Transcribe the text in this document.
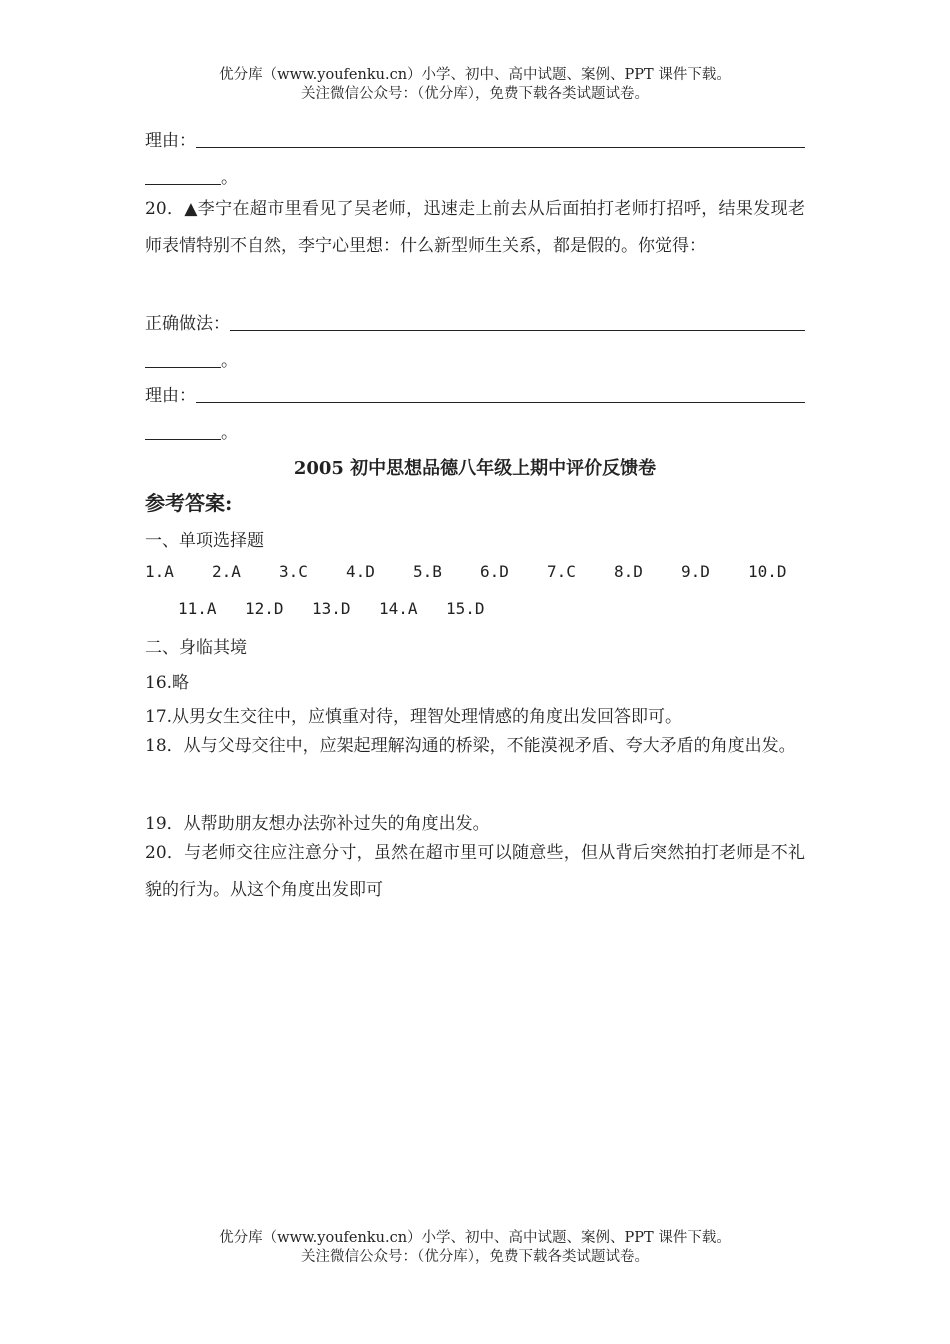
优分库（www.youfenku.cn）小学、初中、高中试题、案例、PPT 课件下载。
关注微信公众号：（优分库），免费下载各类试题试卷。
理由：
。
20．▲李宁在超市里看见了吴老师，迅速走上前去从后面拍打老师打招呼，结果发现老师表情特别不自然，李宁心里想：什么新型师生关系，都是假的。你觉得：
正确做法：
。
理由：
。
2005 初中思想品德八年级上期中评价反馈卷
参考答案:
一、单项选择题
1.A	2.A	3.C	4.D	5.B	6.D	7.C	8.D	9.D	10.D
11.A	12.D	13.D	14.A	15.D
二、身临其境
16.略
17.从男女生交往中，应慎重对待，理智处理情感的角度出发回答即可。
18．从与父母交往中，应架起理解沟通的桥梁，不能漠视矛盾、夸大矛盾的角度出发。
19．从帮助朋友想办法弥补过失的角度出发。
20．与老师交往应注意分寸，虽然在超市里可以随意些，但从背后突然拍打老师是不礼貌的行为。从这个角度出发即可
优分库（www.youfenku.cn）小学、初中、高中试题、案例、PPT 课件下载。
关注微信公众号：（优分库），免费下载各类试题试卷。
